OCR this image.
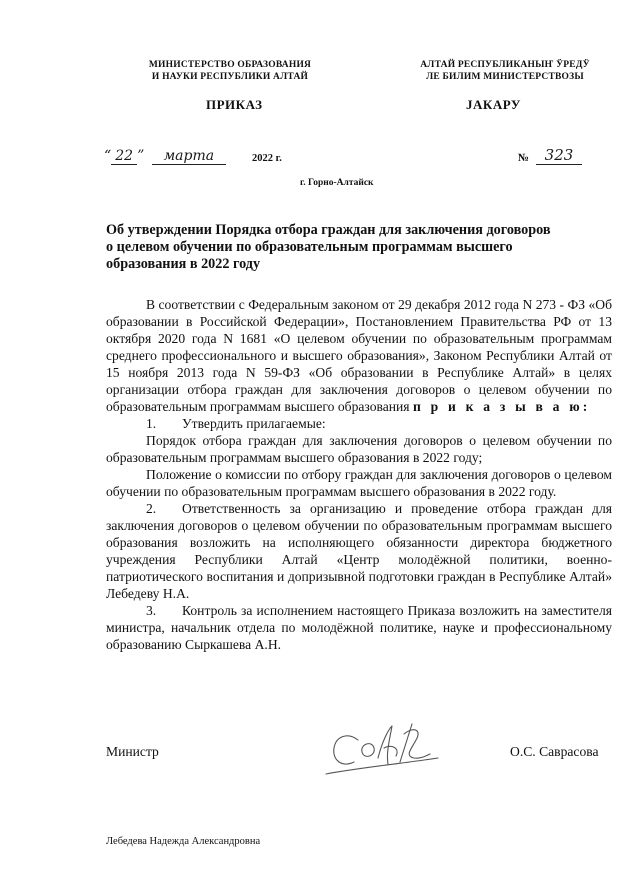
МИНИСТЕРСТВО ОБРАЗОВАНИЯ
И НАУКИ РЕСПУБЛИКИ АЛТАЙ
АЛТАЙ РЕСПУБЛИКАНЫҤ ӰРЕДӰ
ЛЕ БИЛИМ МИНИСТЕРСТВОЗЫ
ПРИКАЗ	JАКАРУ
“ 22 ” марта	2022 г.	№	323
г. Горно-Алтайск
Об утверждении Порядка отбора граждан для заключения договоров
о целевом обучении по образовательным программам высшего
образования в 2022 году

В соответствии с Федеральным законом от 29 декабря 2012 года N 273 - ФЗ «Об образовании в Российской Федерации», Постановлением Правительства РФ от 13 октября 2020 года N 1681 «О целевом обучении по образовательным программам среднего профессионального и высшего образования», Законом Республики Алтай от 15 ноября 2013 года N 59-ФЗ «Об образовании в Республике Алтай» в целях организации отбора граждан для заключения договоров о целевом обучении по образовательным программам высшего образования п р и к а з ы в а ю:

1. Утвердить прилагаемые:

Порядок отбора граждан для заключения договоров о целевом обучении по образовательным программам высшего образования в 2022 году;

Положение о комиссии по отбору граждан для заключения договоров о целевом обучении по образовательным программам высшего образования в 2022 году.

2. Ответственность за организацию и проведение отбора граждан для заключения договоров о целевом обучении по образовательным программам высшего образования возложить на исполняющего обязанности директора бюджетного учреждения Республики Алтай «Центр молодёжной политики, военно-патриотического воспитания и допризывной подготовки граждан в Республике Алтай» Лебедеву Н.А.

3. Контроль за исполнением настоящего Приказа возложить на заместителя министра, начальник отдела по молодёжной политике, науке и профессиональному образованию Сыркашева А.Н.

Министр	О.С. Саврасова
Лебедева Надежда Александровна
